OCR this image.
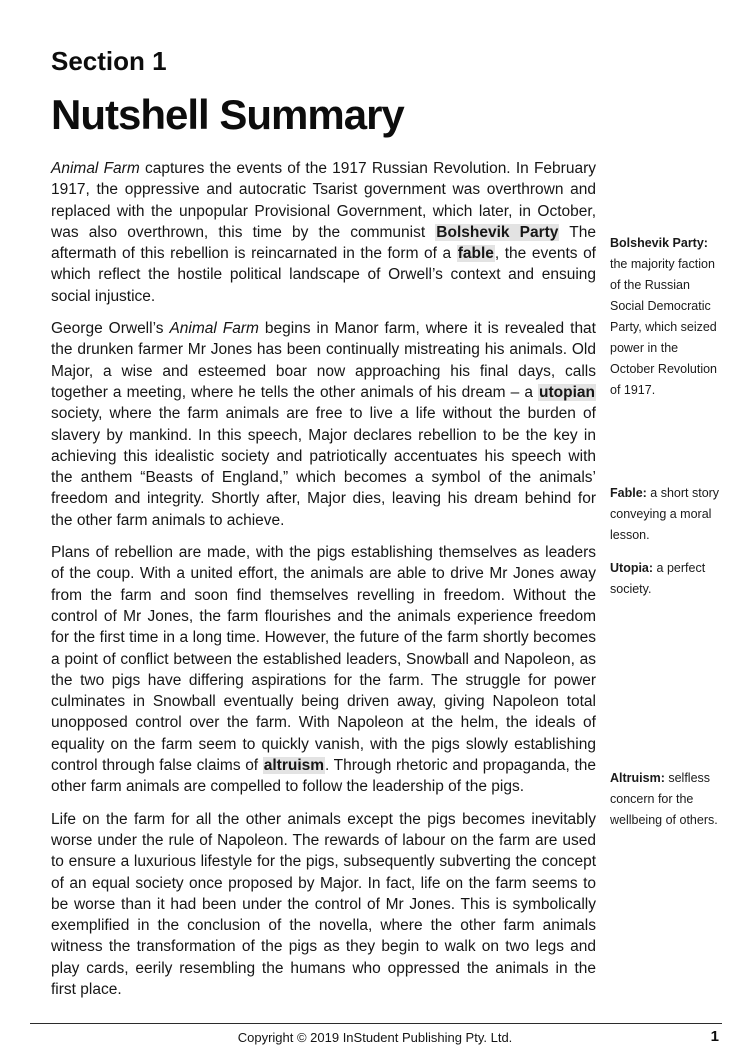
Section 1
Nutshell Summary

Animal Farm captures the events of the 1917 Russian Revolution. In February 1917, the oppressive and autocratic Tsarist government was overthrown and replaced with the unpopular Provisional Government, which later, in October, was also overthrown, this time by the communist Bolshevik Party The aftermath of this rebellion is reincarnated in the form of a fable, the events of which reflect the hostile political landscape of Orwell’s context and ensuing social injustice.

George Orwell’s Animal Farm begins in Manor farm, where it is revealed that the drunken farmer Mr Jones has been continually mistreating his animals. Old Major, a wise and esteemed boar now approaching his final days, calls together a meeting, where he tells the other animals of his dream – a utopian society, where the farm animals are free to live a life without the burden of slavery by mankind. In this speech, Major declares rebellion to be the key in achieving this idealistic society and patriotically accentuates his speech with the anthem “Beasts of England,” which becomes a symbol of the animals’ freedom and integrity. Shortly after, Major dies, leaving his dream behind for the other farm animals to achieve.

Plans of rebellion are made, with the pigs establishing themselves as leaders of the coup. With a united effort, the animals are able to drive Mr Jones away from the farm and soon find themselves revelling in freedom. Without the control of Mr Jones, the farm flourishes and the animals experience freedom for the first time in a long time. However, the future of the farm shortly becomes a point of conflict between the established leaders, Snowball and Napoleon, as the two pigs have differing aspirations for the farm. The struggle for power culminates in Snowball eventually being driven away, giving Napoleon total unopposed control over the farm. With Napoleon at the helm, the ideals of equality on the farm seem to quickly vanish, with the pigs slowly establishing control through false claims of altruism. Through rhetoric and propaganda, the other farm animals are compelled to follow the leadership of the pigs.

Life on the farm for all the other animals except the pigs becomes inevitably worse under the rule of Napoleon. The rewards of labour on the farm are used to ensure a luxurious lifestyle for the pigs, subsequently subverting the concept of an equal society once proposed by Major. In fact, life on the farm seems to be worse than it had been under the control of Mr Jones. This is symbolically exemplified in the conclusion of the novella, where the other farm animals witness the transformation of the pigs as they begin to walk on two legs and play cards, eerily resembling the humans who oppressed the animals in the first place.

Bolshevik Party: the majority faction of the Russian Social Democratic Party, which seized power in the October Revolution of 1917.
Fable: a short story conveying a moral lesson.
Utopia: a perfect society.
Altruism: selfless concern for the wellbeing of others.
Copyright © 2019 InStudent Publishing Pty. Ltd.	1
